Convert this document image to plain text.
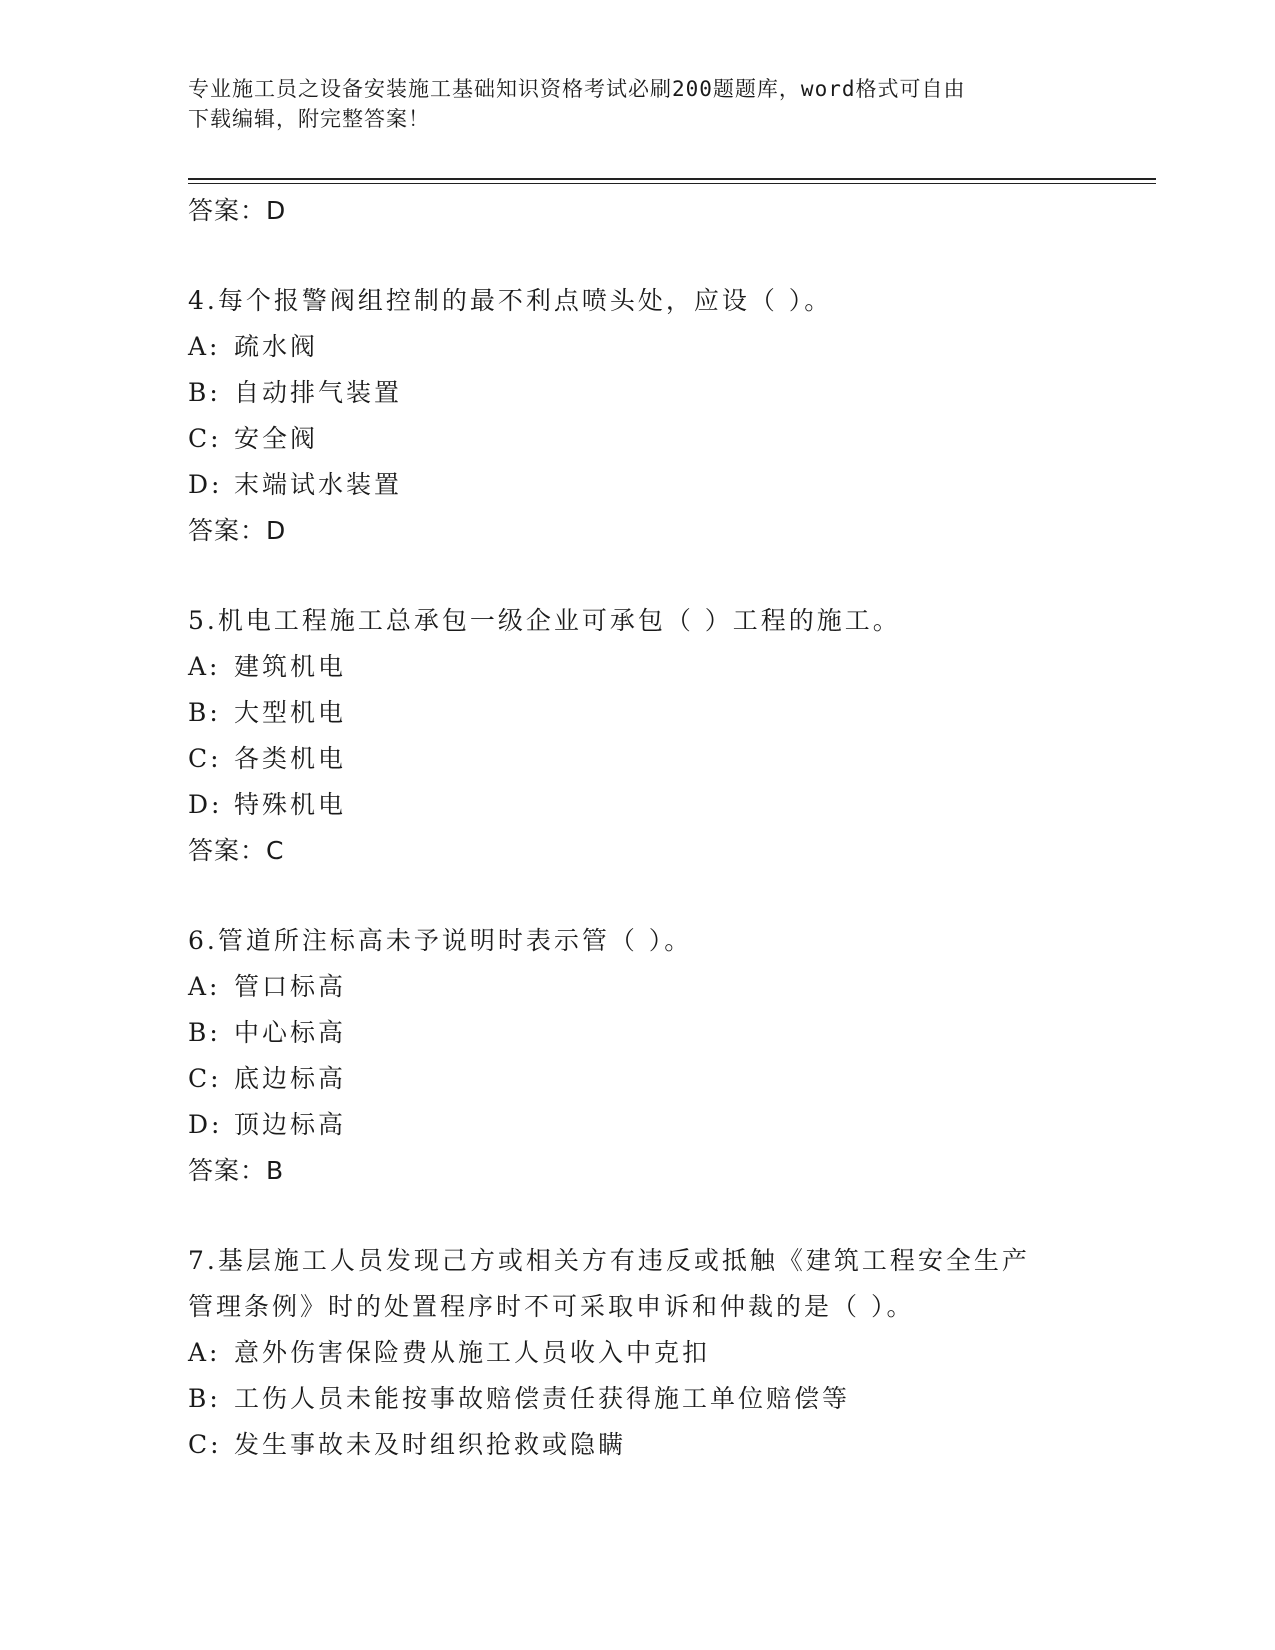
专业施工员之设备安装施工基础知识资格考试必刷200题题库，word格式可自由
下载编辑，附完整答案！
答案：D
4.每个报警阀组控制的最不利点喷头处，应设（ ）。
A: 疏水阀
B: 自动排气装置
C: 安全阀
D: 末端试水装置
答案：D
5.机电工程施工总承包一级企业可承包（ ）工程的施工。
A: 建筑机电
B: 大型机电
C: 各类机电
D: 特殊机电
答案：C
6.管道所注标高未予说明时表示管（ ）。
A: 管口标高
B: 中心标高
C: 底边标高
D: 顶边标高
答案：B
7.基层施工人员发现己方或相关方有违反或抵触《建筑工程安全生产
管理条例》时的处置程序时不可采取申诉和仲裁的是（ ）。
A: 意外伤害保险费从施工人员收入中克扣
B: 工伤人员未能按事故赔偿责任获得施工单位赔偿等
C: 发生事故未及时组织抢救或隐瞒
